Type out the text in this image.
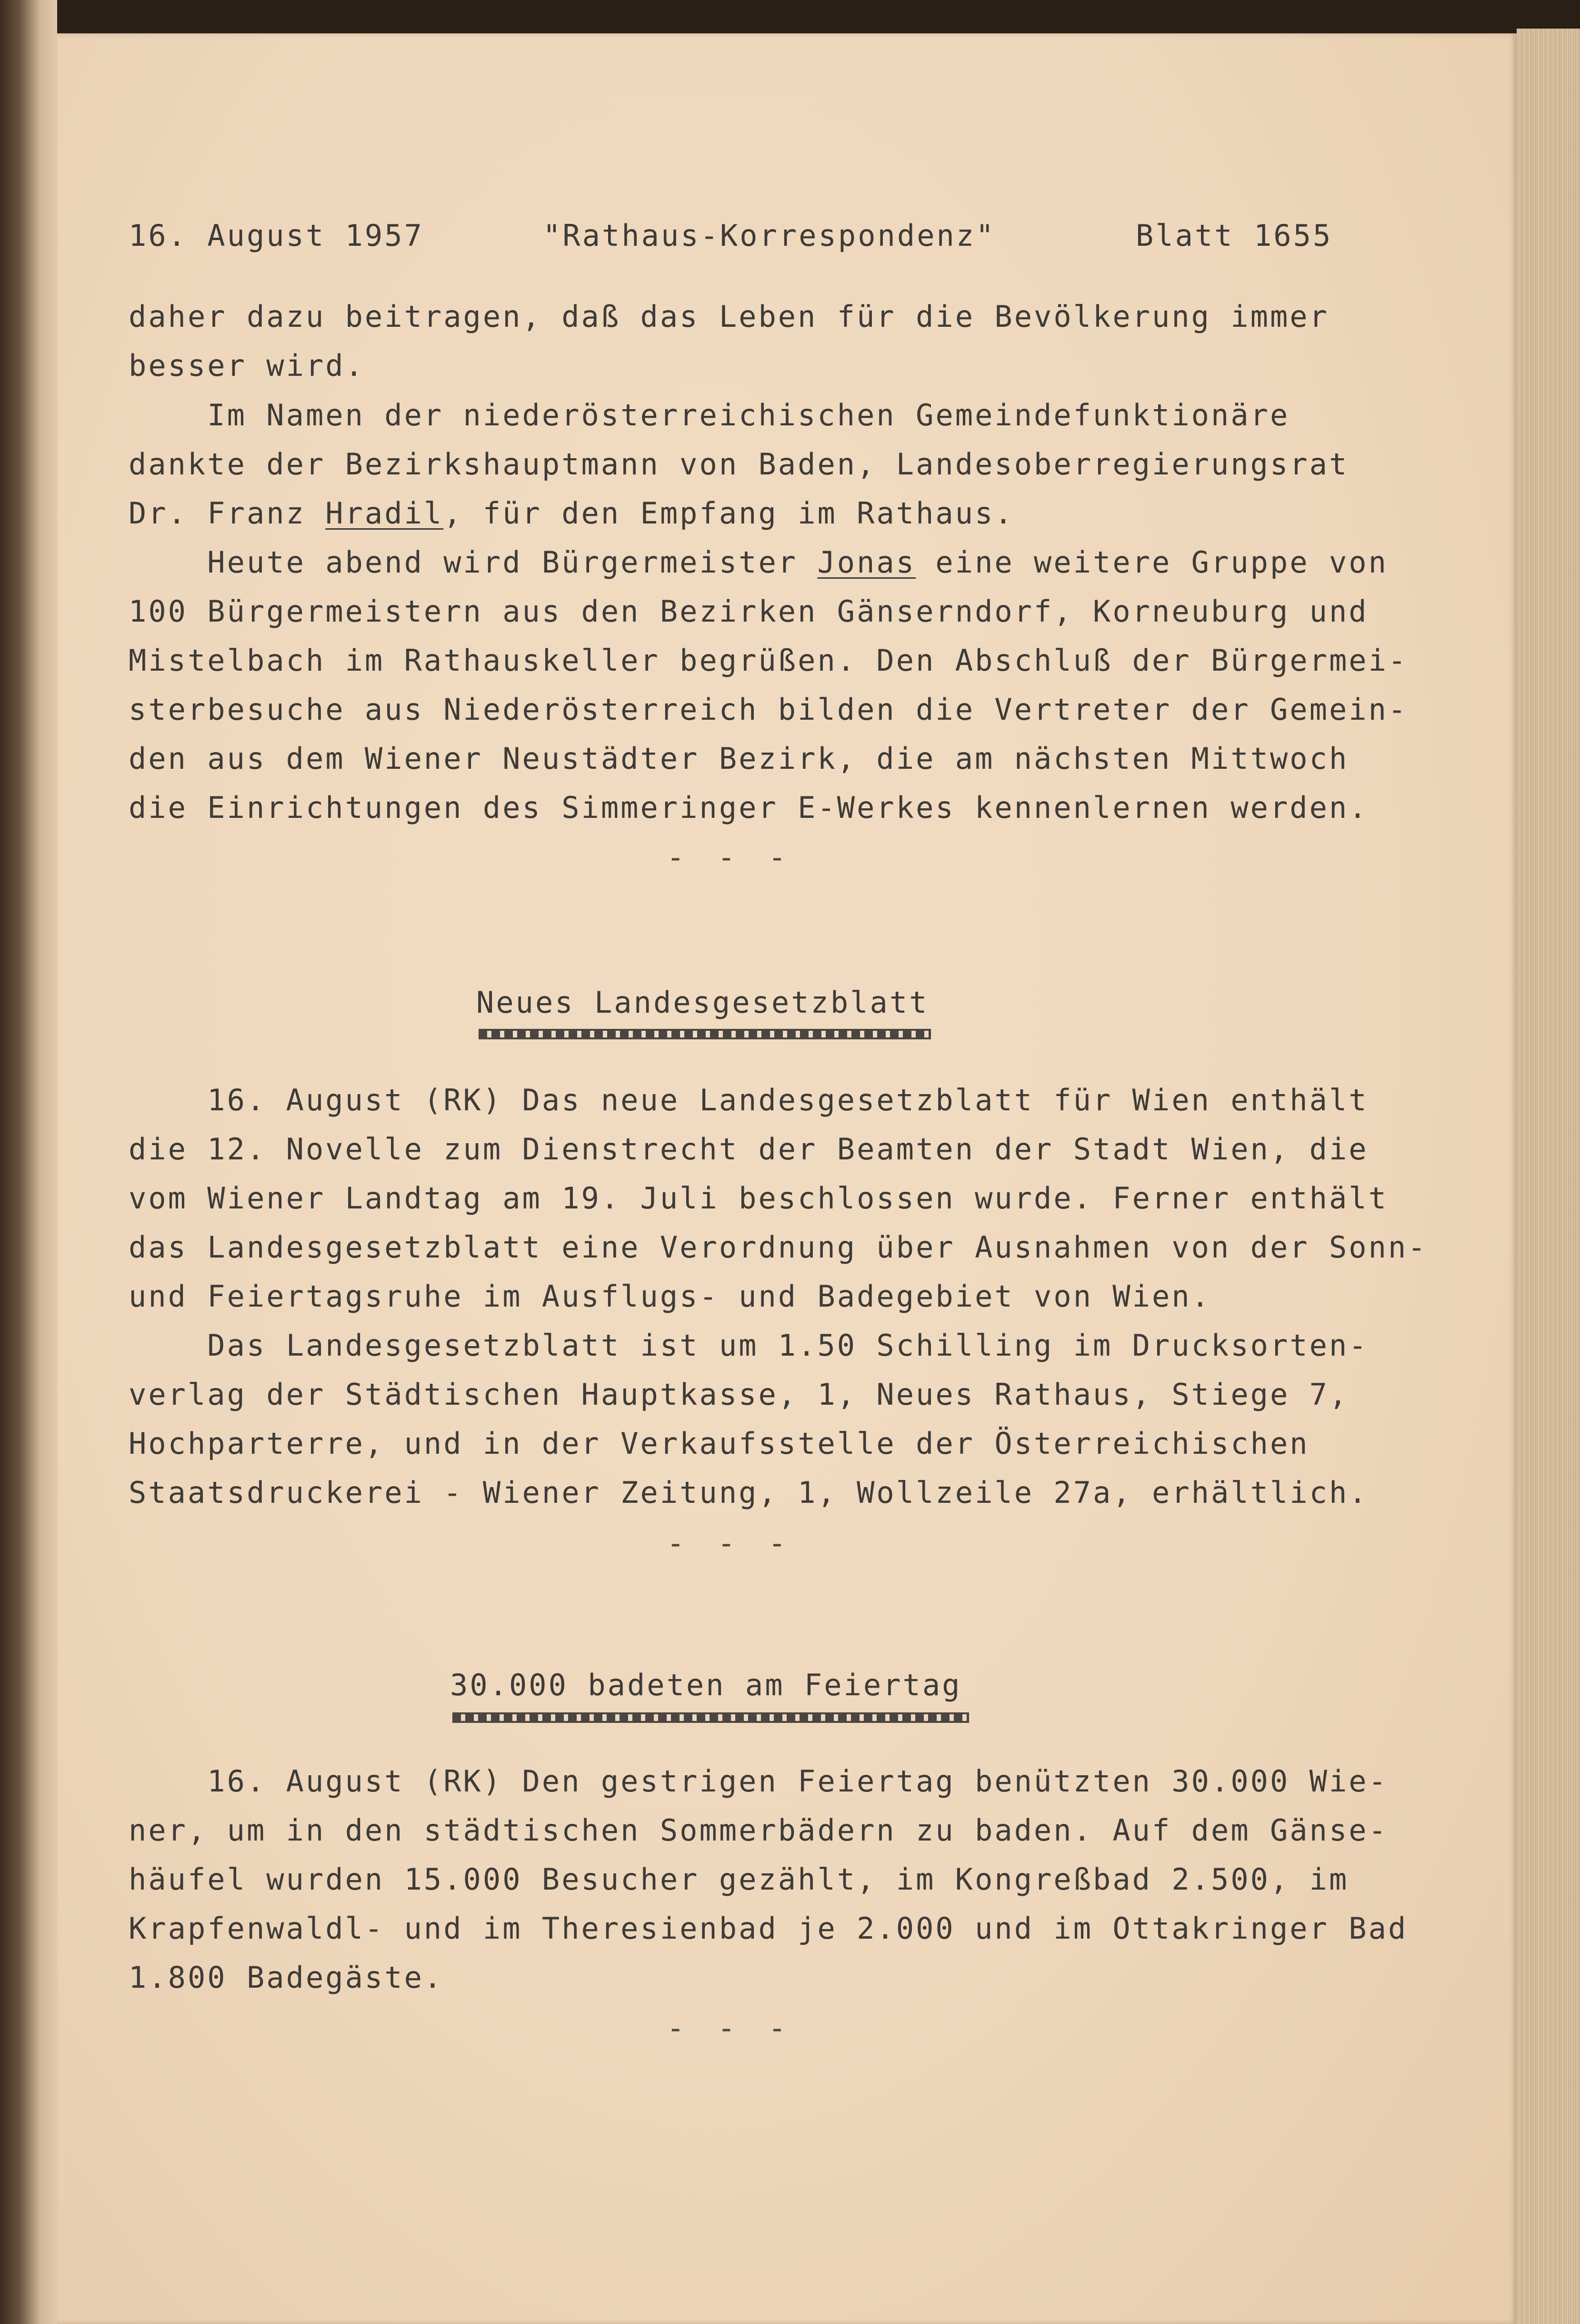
16. August 1957	"Rathaus-Korrespondenz"	Blatt 1655

daher dazu beitragen, daß das Leben für die Bevölkerung immer

besser wird.

Im Namen der niederösterreichischen Gemeindefunktionäre

dankte der Bezirkshauptmann von Baden, Landesoberregierungsrat

Dr. Franz Hradil, für den Empfang im Rathaus.

Heute abend wird Bürgermeister Jonas eine weitere Gruppe von

100 Bürgermeistern aus den Bezirken Gänserndorf, Korneuburg und

Mistelbach im Rathauskeller begrüßen. Den Abschluß der Bürgermei-

sterbesuche aus Niederösterreich bilden die Vertreter der Gemein-

den aus dem Wiener Neustädter Bezirk, die am nächsten Mittwoch

die Einrichtungen des Simmeringer E-Werkes kennenlernen werden.

- - -

Neues Landesgesetzblatt

16. August (RK) Das neue Landesgesetzblatt für Wien enthält

die 12. Novelle zum Dienstrecht der Beamten der Stadt Wien, die

vom Wiener Landtag am 19. Juli beschlossen wurde. Ferner enthält

das Landesgesetzblatt eine Verordnung über Ausnahmen von der Sonn-

und Feiertagsruhe im Ausflugs- und Badegebiet von Wien.

Das Landesgesetzblatt ist um 1.50 Schilling im Drucksorten-

verlag der Städtischen Hauptkasse, 1, Neues Rathaus, Stiege 7,

Hochparterre, und in der Verkaufsstelle der Österreichischen

Staatsdruckerei - Wiener Zeitung, 1, Wollzeile 27a, erhältlich.

- - -

30.000 badeten am Feiertag

16. August (RK) Den gestrigen Feiertag benützten 30.000 Wie-

ner, um in den städtischen Sommerbädern zu baden. Auf dem Gänse-

häufel wurden 15.000 Besucher gezählt, im Kongreßbad 2.500, im

Krapfenwaldl- und im Theresienbad je 2.000 und im Ottakringer Bad

1.800 Badegäste.

- - -
